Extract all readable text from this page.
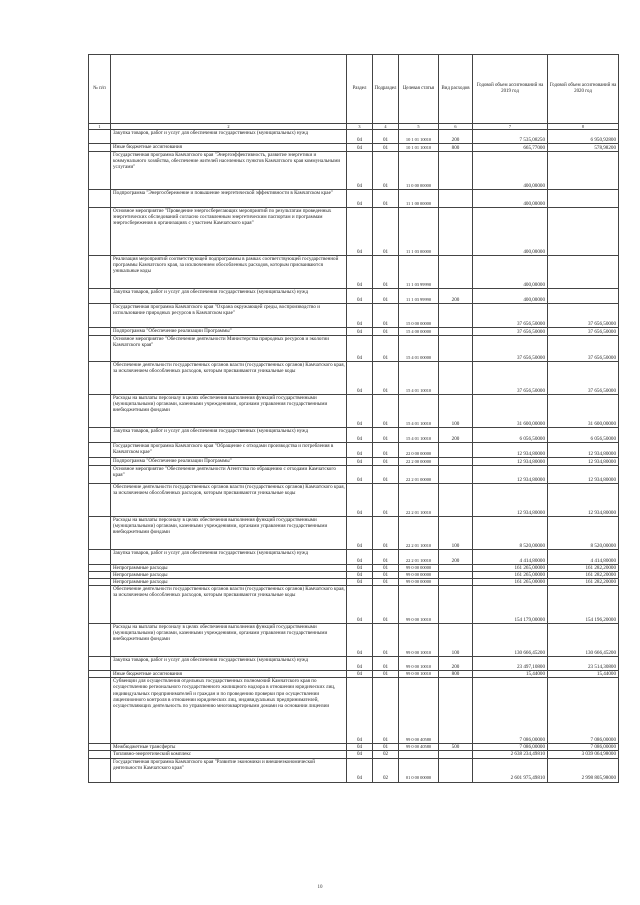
№ п/п		Раздел	Подраздел	Целевая статья	Вид расходов	Годовой объем ассигнований на 2019 год	Годовой объем ассигнований на 2020 год
1	2	3	4	5	6	7	8
	Закупка товаров, работ и услуг для обеспечения государственных (муниципальных) нужд	04	01	10 1 01 10010	200	7 535,08250	6 950,92800
	Иные бюджетные ассигнования	04	01	10 1 01 10010	800	665,77000	578,98200
	Государственная программа Камчатского края "Энергоэффективность, развитие энергетики и коммунального хозяйства, обеспечение жителей населенных пунктов Камчатского края коммунальными услугами"	04	01	11 0 00 00000		400,00000	
	Подпрограмма "Энергосбережение и повышение энергетической эффективности в Камчатском крае"	04	01	11 1 00 00000		400,00000	
	Основное мероприятие "Проведение энергосберегающих мероприятий по результатам проведенных энергетических обследований согласно составленным энергетическим паспортам и программам энергосбережения в организациях с участием Камчатского края"	04	01	11 1 03 00000		400,00000	
	Реализация мероприятий соответствующей подпрограммы в рамках соответствующей государственной программы Камчатского края, за исключением обособленных расходов, которым присваиваются уникальные коды	04	01	11 1 03 99990		400,00000	
	Закупка товаров, работ и услуг для обеспечения государственных (муниципальных) нужд	04	01	11 1 03 99990	200	400,00000	
	Государственная программа Камчатского края "Охрана окружающей среды, воспроизводство и использование природных ресурсов в Камчатском крае"	04	01	15 0 00 00000		37 656,50000	37 656,50000
	Подпрограмма "Обеспечение реализации Программы"	04	01	15 4 00 00000		37 656,50000	37 656,50000
	Основное мероприятие "Обеспечение деятельности Министерства природных ресурсов и экологии Камчатского края"	04	01	15 4 01 00000		37 656,50000	37 656,50000
	Обеспечение деятельности государственных органов власти (государственных органов) Камчатского края, за исключением обособленных расходов, которым присваиваются уникальные коды	04	01	15 4 01 10010		37 656,50000	37 656,50000
	Расходы на выплаты персоналу в целях обеспечения выполнения функций государственными (муниципальными) органами, казенными учреждениями, органами управления государственными внебюджетными фондами	04	01	15 4 01 10010	100	31 600,00000	31 600,00000
	Закупка товаров, работ и услуг для обеспечения государственных (муниципальных) нужд	04	01	15 4 01 10010	200	6 056,50000	6 056,50000
	Государственная программа Камчатского края "Обращение с отходами производства и потребления в Камчатском крае"	04	01	22 0 00 00000		12 934,80000	12 934,80000
	Подпрограмма "Обеспечение реализации Программы"	04	01	22 2 00 00000		12 934,80000	12 934,80000
	Основное мероприятие "Обеспечение деятельности Агентства по обращению с отходами Камчатского края"	04	01	22 2 01 00000		12 934,80000	12 934,80000
	Обеспечение деятельности государственных органов власти (государственных органов) Камчатского края, за исключением обособленных расходов, которым присваиваются уникальные коды	04	01	22 2 01 10010		12 934,80000	12 934,80000
	Расходы на выплаты персоналу в целях обеспечения выполнения функций государственными (муниципальными) органами, казенными учреждениями, органами управления государственными внебюджетными фондами	04	01	22 2 01 10010	100	8 520,00000	8 520,00000
	Закупка товаров, работ и услуг для обеспечения государственных (муниципальных) нужд	04	01	22 2 01 10010	200	4 414,80000	4 414,80000
	Непрограммные расходы	04	01	99 0 00 00000		161 265,00000	161 282,20000
	Непрограммные расходы	04	01	99 0 00 00000		161 265,00000	161 282,20000
	Непрограммные расходы	04	01	99 0 00 00000		161 265,00000	161 282,20000
	Обеспечение деятельности государственных органов власти (государственных органов) Камчатского края, за исключением обособленных расходов, которым присваиваются уникальные коды	04	01	99 0 00 10010		154 179,00000	154 196,20000
	Расходы на выплаты персоналу в целях обеспечения выполнения функций государственными (муниципальными) органами, казенными учреждениями, органами управления государственными внебюджетными фондами	04	01	99 0 00 10010	100	130 666,45200	130 666,45200
	Закупка товаров, работ и услуг для обеспечения государственных (муниципальных) нужд	04	01	99 0 00 10010	200	23 497,10800	23 514,30800
	Иные бюджетные ассигнования	04	01	99 0 00 10010	800	15,44000	15,44000
	Субвенции для осуществления отдельных государственных полномочий Камчатского края по осуществлению регионального государственного жилищного надзора в отношении юридических лиц, индивидуальных предпринимателей и граждан и по проведению проверки при осуществлении лицензионного контроля в отношении юридических лиц, индивидуальных предпринимателей, осуществляющих деятельность по управлению многоквартирными домами на основании лицензии	04	01	99 0 00 40580		7 086,00000	7 086,00000
	Межбюджетные трансферты	04	01	99 0 00 40580	500	7 086,00000	7 086,00000
	Топливно-энергетический комплекс	04	02			2 638 234,49810	3 039 064,98000
	Государственная программа Камчатского края "Развитие экономики и внешнеэкономической деятельности Камчатского края"	04	02	01 0 00 00000		2 601 975,49810	2 998 805,98000
10
